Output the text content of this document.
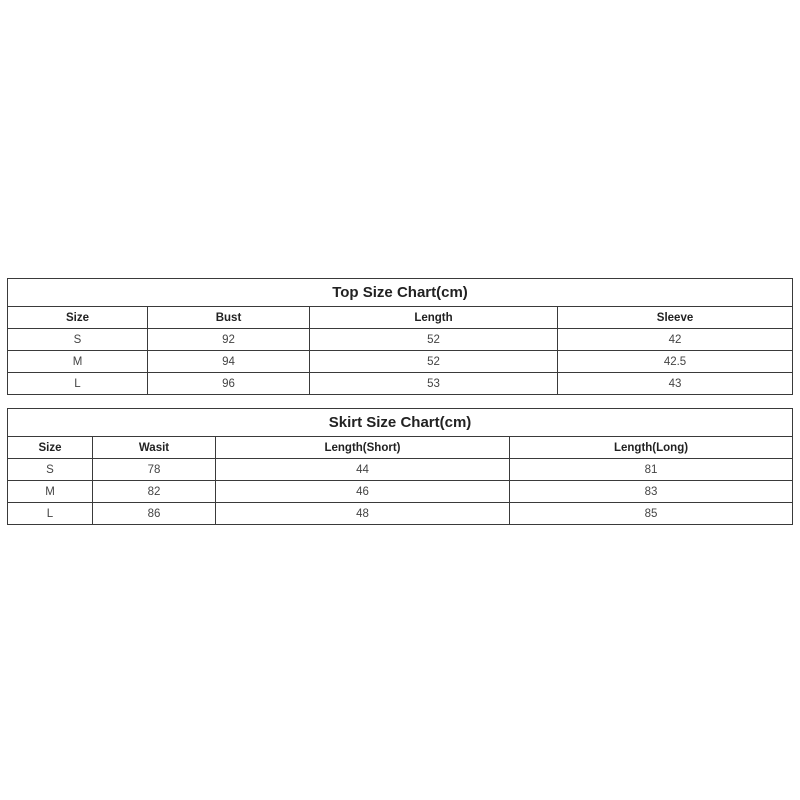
Top Size Chart(cm)			
Size	Bust	Length	Sleeve
S	92	52	42
M	94	52	42.5
L	96	53	43
Skirt Size Chart(cm)			
Size	Wasit	Length(Short)	Length(Long)
S	78	44	81
M	82	46	83
L	86	48	85
